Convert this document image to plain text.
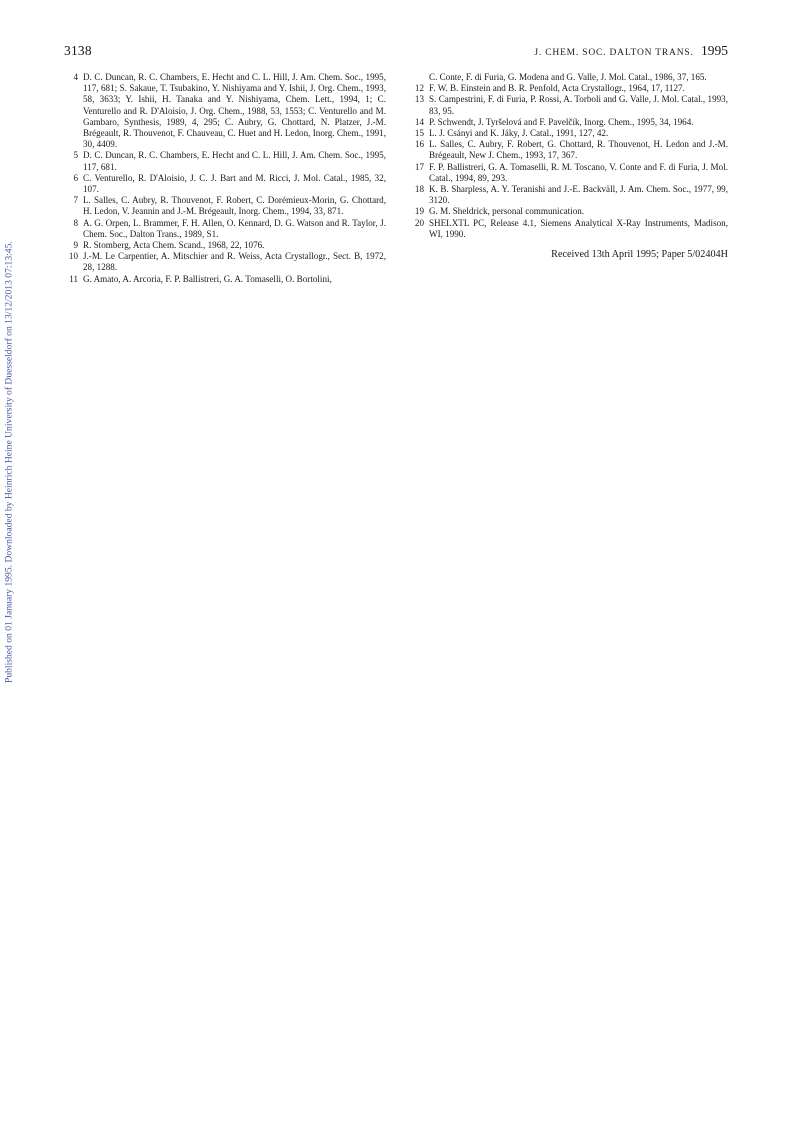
3138	J. CHEM. SOC. DALTON TRANS. 1995
Published on 01 January 1995. Downloaded by Heinrich Heine University of Duesseldorf on 13/12/2013 07:13:45.
4 D. C. Duncan, R. C. Chambers, E. Hecht and C. L. Hill, J. Am. Chem. Soc., 1995, 117, 681; S. Sakaue, T. Tsubakino, Y. Nishiyama and Y. Ishii, J. Org. Chem., 1993, 58, 3633; Y. Ishii, H. Tanaka and Y. Nishiyama, Chem. Lett., 1994, 1; C. Venturello and R. D'Aloisio, J. Org. Chem., 1988, 53, 1553; C. Venturello and M. Gambaro, Synthesis, 1989, 4, 295; C. Aubry, G. Chottard, N. Platzer, J.-M. Brégeault, R. Thouvenot, F. Chauveau, C. Huet and H. Ledon, Inorg. Chem., 1991, 30, 4409.
5 D. C. Duncan, R. C. Chambers, E. Hecht and C. L. Hill, J. Am. Chem. Soc., 1995, 117, 681.
6 C. Venturello, R. D'Aloisio, J. C. J. Bart and M. Ricci, J. Mol. Catal., 1985, 32, 107.
7 L. Salles, C. Aubry, R. Thouvenot, F. Robert, C. Dorémieux-Morin, G. Chottard, H. Ledon, V. Jeannin and J.-M. Brégeault, Inorg. Chem., 1994, 33, 871.
8 A. G. Orpen, L. Brammer, F. H. Allen, O. Kennard, D. G. Watson and R. Taylor, J. Chem. Soc., Dalton Trans., 1989, S1.
9 R. Stomberg, Acta Chem. Scand., 1968, 22, 1076.
10 J.-M. Le Carpentier, A. Mitschier and R. Weiss, Acta Crystallogr., Sect. B, 1972, 28, 1288.
11 G. Amato, A. Arcoria, F. P. Ballistreri, G. A. Tomaselli, O. Bortolini,
C. Conte, F. di Furia, G. Modena and G. Valle, J. Mol. Catal., 1986, 37, 165.
12 F. W. B. Einstein and B. R. Penfold, Acta Crystallogr., 1964, 17, 1127.
13 S. Campestrini, F. di Furia, P. Rossi, A. Torboli and G. Valle, J. Mol. Catal., 1993, 83, 95.
14 P. Schwendt, J. Tyršelová and F. Pavelčík, Inorg. Chem., 1995, 34, 1964.
15 L. J. Csányi and K. Jáky, J. Catal., 1991, 127, 42.
16 L. Salles, C. Aubry, F. Robert, G. Chottard, R. Thouvenot, H. Ledon and J.-M. Brégeault, New J. Chem., 1993, 17, 367.
17 F. P. Ballistreri, G. A. Tomaselli, R. M. Toscano, V. Conte and F. di Furia, J. Mol. Catal., 1994, 89, 293.
18 K. B. Sharpless, A. Y. Teranishi and J.-E. Backväll, J. Am. Chem. Soc., 1977, 99, 3120.
19 G. M. Sheldrick, personal communication.
20 SHELXTL PC, Release 4.1, Siemens Analytical X-Ray Instruments, Madison, WI, 1990.
Received 13th April 1995; Paper 5/02404H
